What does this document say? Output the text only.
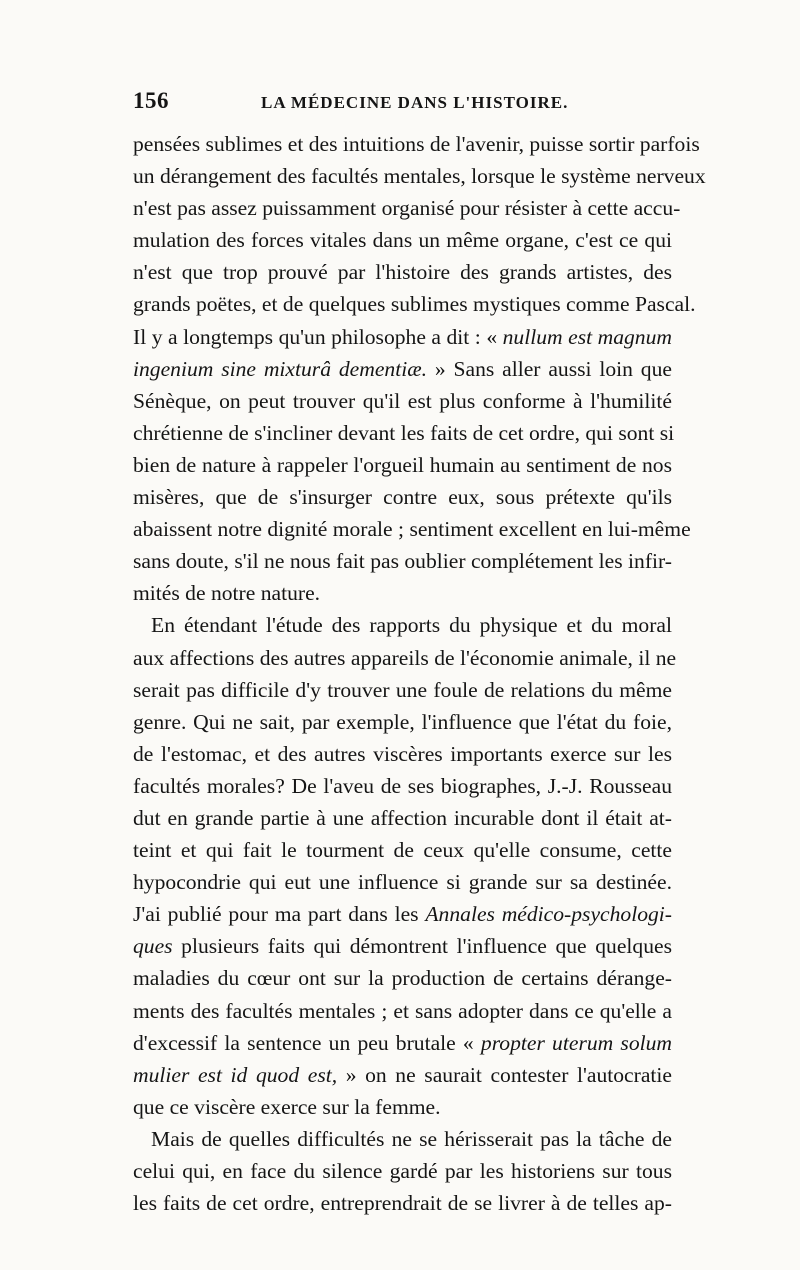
156	LA MÉDECINE DANS L'HISTOIRE.
pensées sublimes et des intuitions de l'avenir, puisse sortir parfois
un dérangement des facultés mentales, lorsque le système nerveux
n'est pas assez puissamment organisé pour résister à cette accu-
mulation des forces vitales dans un même organe, c'est ce qui
n'est que trop prouvé par l'histoire des grands artistes, des
grands poëtes, et de quelques sublimes mystiques comme Pascal.
Il y a longtemps qu'un philosophe a dit : « nullum est magnum
ingenium sine mixturâ dementiæ. » Sans aller aussi loin que
Sénèque, on peut trouver qu'il est plus conforme à l'humilité
chrétienne de s'incliner devant les faits de cet ordre, qui sont si
bien de nature à rappeler l'orgueil humain au sentiment de nos
misères, que de s'insurger contre eux, sous prétexte qu'ils
abaissent notre dignité morale ; sentiment excellent en lui-même
sans doute, s'il ne nous fait pas oublier complétement les infir-
mités de notre nature.
En étendant l'étude des rapports du physique et du moral
aux affections des autres appareils de l'économie animale, il ne
serait pas difficile d'y trouver une foule de relations du même
genre. Qui ne sait, par exemple, l'influence que l'état du foie,
de l'estomac, et des autres viscères importants exerce sur les
facultés morales? De l'aveu de ses biographes, J.-J. Rousseau
dut en grande partie à une affection incurable dont il était at-
teint et qui fait le tourment de ceux qu'elle consume, cette
hypocondrie qui eut une influence si grande sur sa destinée.
J'ai publié pour ma part dans les Annales médico-psychologi-
ques plusieurs faits qui démontrent l'influence que quelques
maladies du cœur ont sur la production de certains dérange-
ments des facultés mentales ; et sans adopter dans ce qu'elle a
d'excessif la sentence un peu brutale « propter uterum solum
mulier est id quod est, » on ne saurait contester l'autocratie
que ce viscère exerce sur la femme.
Mais de quelles difficultés ne se hérisserait pas la tâche de
celui qui, en face du silence gardé par les historiens sur tous
les faits de cet ordre, entreprendrait de se livrer à de telles ap-
